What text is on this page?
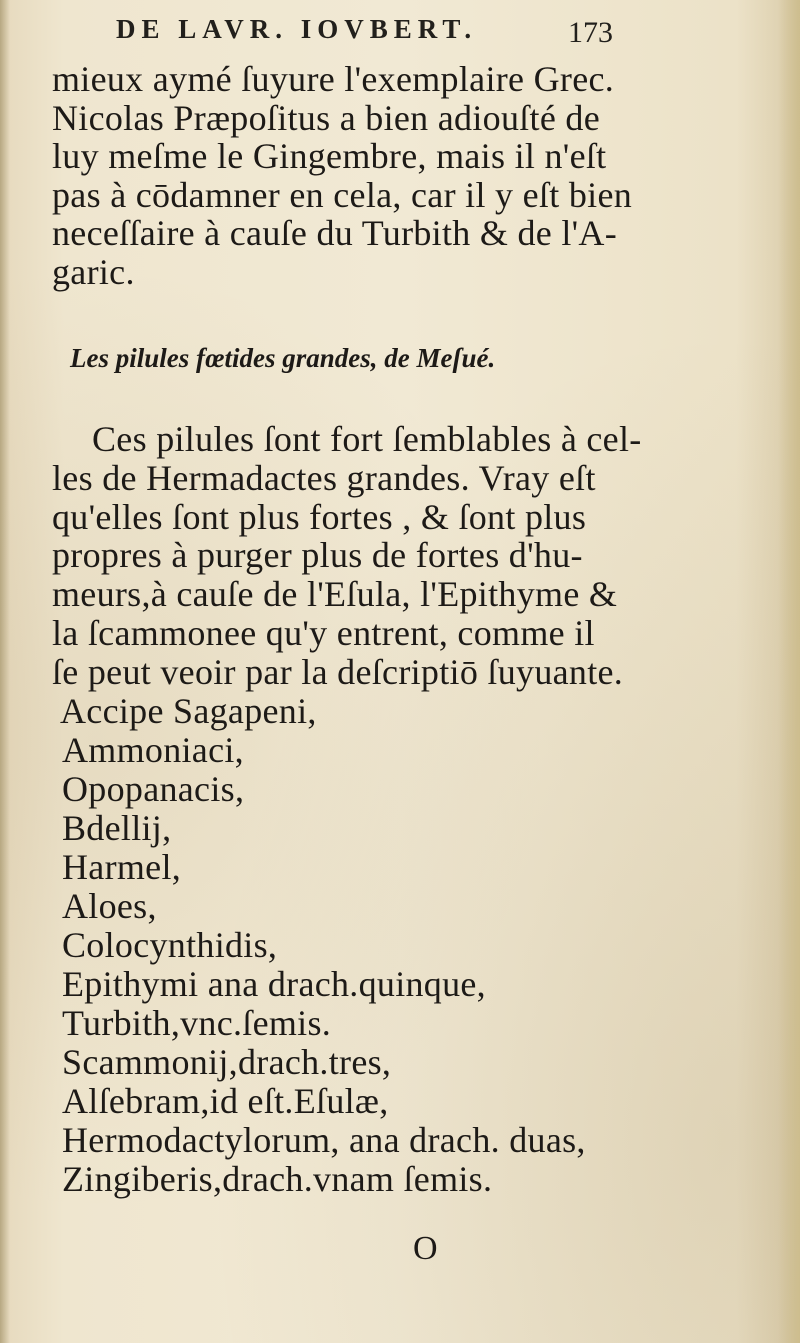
DE LAVR. IOVBERT.	173
mieux aymé ſuyure l'exemplaire Grec.
Nicolas Præpoſitus a bien adiouſté de
luy meſme le Gingembre, mais il n'eſt
pas à cōdamner en cela, car il y eſt bien
neceſſaire à cauſe du Turbith & de l'A-
garic.
Les pilules fœtides grandes, de Meſué.
Ces pilules ſont fort ſemblables à cel-
les de Hermadactes grandes. Vray eſt
qu'elles ſont plus fortes , & ſont plus
propres à purger plus de fortes d'hu-
meurs,à cauſe de l'Eſula, l'Epithyme &
la ſcammonee qu'y entrent, comme il
ſe peut veoir par la deſcriptiō ſuyuante.
Accipe Sagapeni,
Ammoniaci,
Opopanacis,
Bdellij,
Harmel,
Aloes,
Colocynthidis,
Epithymi ana drach.quinque,
Turbith,vnc.ſemis.
Scammonij,drach.tres,
Alſebram,id eſt.Eſulæ,
Hermodactylorum, ana drach. duas,
Zingiberis,drach.vnam ſemis.
O
